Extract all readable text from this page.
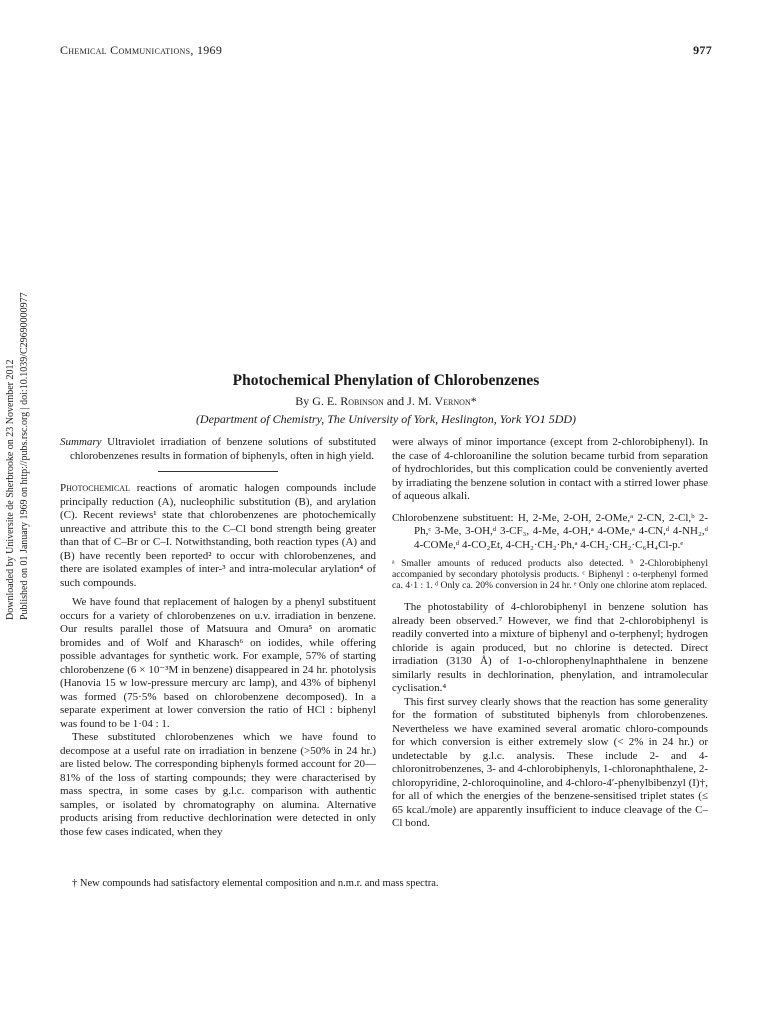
Chemical Communications, 1969	977
Downloaded by Universite de Sherbrooke on 23 November 2012 Published on 01 January 1969 on http://pubs.rsc.org | doi:10.1039/C29690000977	Photochemical Phenylation of Chlorobenzenes
By G. E. Robinson and J. M. Vernon*
(Department of Chemistry, The University of York, Heslington, York YO1 5DD)

Summary Ultraviolet irradiation of benzene solutions of substituted chlorobenzenes results in formation of biphenyls, often in high yield.

Photochemical reactions of aromatic halogen compounds include principally reduction (A), nucleophilic substitution (B), and arylation (C). Recent reviews¹ state that chlorobenzenes are photochemically unreactive and attribute this to the C–Cl bond strength being greater than that of C–Br or C–I. Notwithstanding, both reaction types (A) and (B) have recently been reported² to occur with chlorobenzenes, and there are isolated examples of inter-³ and intra-molecular arylation⁴ of such compounds.

We have found that replacement of halogen by a phenyl substituent occurs for a variety of chlorobenzenes on u.v. irradiation in benzene. Our results parallel those of Matsuura and Omura⁵ on aromatic bromides and of Wolf and Kharasch⁶ on iodides, while offering possible advantages for synthetic work. For example, 57% of starting chlorobenzene (6 × 10⁻³M in benzene) disappeared in 24 hr. photolysis (Hanovia 15 w low-pressure mercury arc lamp), and 43% of biphenyl was formed (75·5% based on chlorobenzene decomposed). In a separate experiment at lower conversion the ratio of HCl : biphenyl was found to be 1·04 : 1.

These substituted chlorobenzenes which we have found to decompose at a useful rate on irradiation in benzene (>50% in 24 hr.) are listed below. The corresponding biphenyls formed account for 20—81% of the loss of starting compounds; they were characterised by mass spectra, in some cases by g.l.c. comparison with authentic samples, or isolated by chromatography on alumina. Alternative products arising from reductive dechlorination were detected in only those few cases indicated, when they

were always of minor importance (except from 2-chlorobiphenyl). In the case of 4-chloroaniline the solution became turbid from separation of hydrochlorides, but this complication could be conveniently averted by irradiating the benzene solution in contact with a stirred lower phase of aqueous alkali.

Chlorobenzene substituent: H, 2-Me, 2-OH, 2-OMe,ᵃ 2-CN, 2-Cl,ᵇ 2-Ph,ᶜ 3-Me, 3-OH,ᵈ 3-CF₃, 4-Me, 4-OH,ᵃ 4-OMe,ᵃ 4-CN,ᵈ 4-NH₂,ᵈ 4-COMe,ᵈ 4-CO₂Et, 4-CH₂·CH₂·Ph,ᵃ 4-CH₂·CH₂·C₆H₄Cl-p.ᵉ

ᵃ Smaller amounts of reduced products also detected. ᵇ 2-Chlorobiphenyl accompanied by secondary photolysis products. ᶜ Biphenyl : o-terphenyl formed ca. 4·1 : 1. ᵈ Only ca. 20% conversion in 24 hr. ᵉ Only one chlorine atom replaced.

The photostability of 4-chlorobiphenyl in benzene solution has already been observed.⁷ However, we find that 2-chlorobiphenyl is readily converted into a mixture of biphenyl and o-terphenyl; hydrogen chloride is again produced, but no chlorine is detected. Direct irradiation (3130 Å) of 1-o-chlorophenylnaphthalene in benzene similarly results in dechlorination, phenylation, and intramolecular cyclisation.⁴

This first survey clearly shows that the reaction has some generality for the formation of substituted biphenyls from chlorobenzenes. Nevertheless we have examined several aromatic chloro-compounds for which conversion is either extremely slow (< 2% in 24 hr.) or undetectable by g.l.c. analysis. These include 2- and 4-chloronitrobenzenes, 3- and 4-chlorobiphenyls, 1-chloronaphthalene, 2-chloropyridine, 2-chloroquinoline, and 4-chloro-4′-phenylbibenzyl (I)†, for all of which the energies of the benzene-sensitised triplet states (≤ 65 kcal./mole) are apparently insufficient to induce cleavage of the C–Cl bond.

† New compounds had satisfactory elemental composition and n.m.r. and mass spectra.
